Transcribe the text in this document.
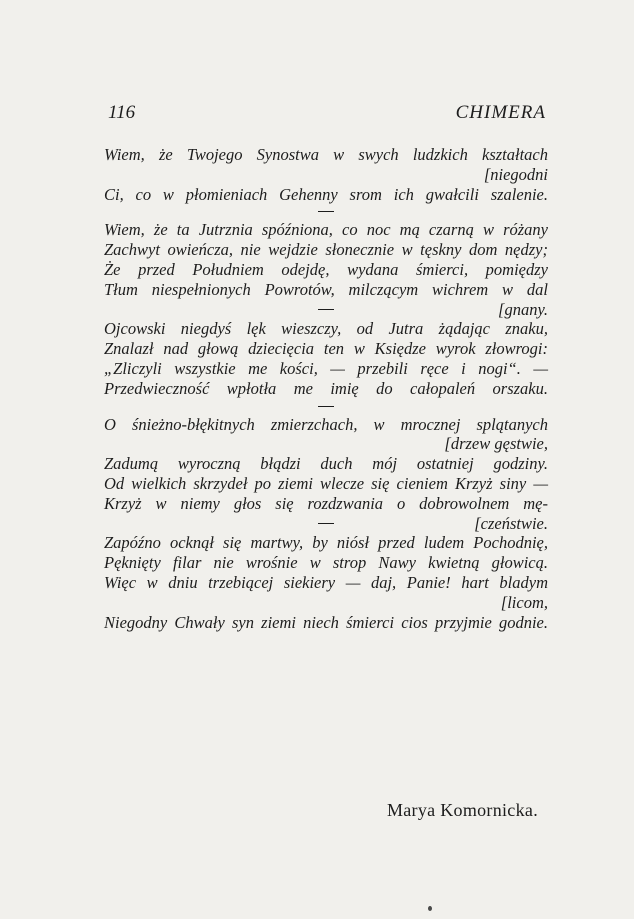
116	CHIMERA
Wiem, że Twojego Synostwa w swych ludzkich kształtach
[niegodni
Ci, co w płomieniach Gehenny srom ich gwałcili szalenie.
Wiem, że ta Jutrznia spóźniona, co noc mą czarną w różany
Zachwyt owieńcza, nie wejdzie słonecznie w tęskny dom nędzy;
Że przed Południem odejdę, wydana śmierci, pomiędzy
Tłum niespełnionych Powrotów, milczącym wichrem w dal
[gnany.
Ojcowski niegdyś lęk wieszczy, od Jutra żądając znaku,
Znalazł nad głową dziecięcia ten w Księdze wyrok złowrogi:
„Zliczyli wszystkie me kości, — przebili ręce i nogi“. —
Przedwieczność wpłotła me imię do całopaleń orszaku.
O śnieżno-błękitnych zmierzchach, w mrocznej splątanych
[drzew gęstwie,
Zadumą wyroczną błądzi duch mój ostatniej godziny.
Od wielkich skrzydeł po ziemi wlecze się cieniem Krzyż siny —
Krzyż w niemy głos się rozdzwania o dobrowolnem mę-
[czeństwie.
Zapóźno ocknął się martwy, by niósł przed ludem Pochodnię,
Pęknięty filar nie wrośnie w strop Nawy kwietną głowicą.
Więc w dniu trzebiącej siekiery — daj, Panie! hart bladym
[licom,
Niegodny Chwały syn ziemi niech śmierci cios przyjmie godnie.
Marya Komornicka.
